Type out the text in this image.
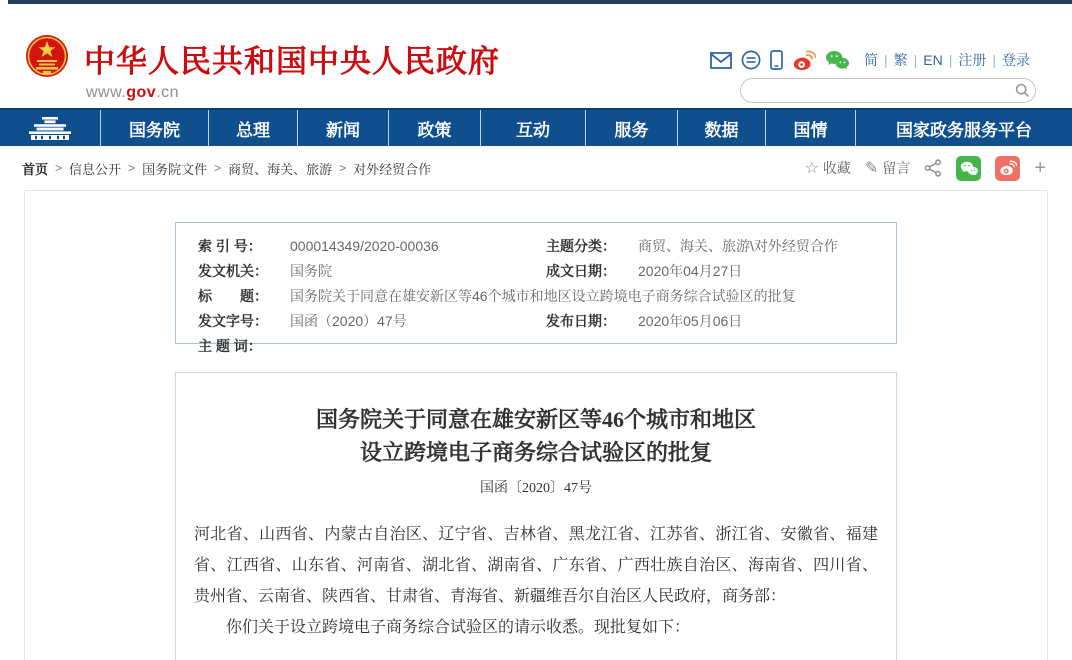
中华人民共和国中央人民政府
www.gov.cn
简 | 繁 | EN | 注册 | 登录
国务院	总理	新闻	政策	互动	服务	数据	国情	国家政务服务平台
首页 > 信息公开 > 国务院文件 > 商贸、海关、旅游 > 对外经贸合作	☆ 收藏 ✎ 留言	+
索 引 号：	000014349/2020-00036	主题分类：	商贸、海关、旅游\对外经贸合作
发文机关：	国务院	成文日期：	2020年04月27日
标　　题：	国务院关于同意在雄安新区等46个城市和地区设立跨境电子商务综合试验区的批复
发文字号：	国函（2020）47号	发布日期：	2020年05月06日
主 题 词：
国务院关于同意在雄安新区等46个城市和地区
设立跨境电子商务综合试验区的批复
国函〔2020〕47号

河北省、山西省、内蒙古自治区、辽宁省、吉林省、黑龙江省、江苏省、浙江省、安徽省、福建省、江西省、山东省、河南省、湖北省、湖南省、广东省、广西壮族自治区、海南省、四川省、贵州省、云南省、陕西省、甘肃省、青海省、新疆维吾尔自治区人民政府，商务部：

你们关于设立跨境电子商务综合试验区的请示收悉。现批复如下：
